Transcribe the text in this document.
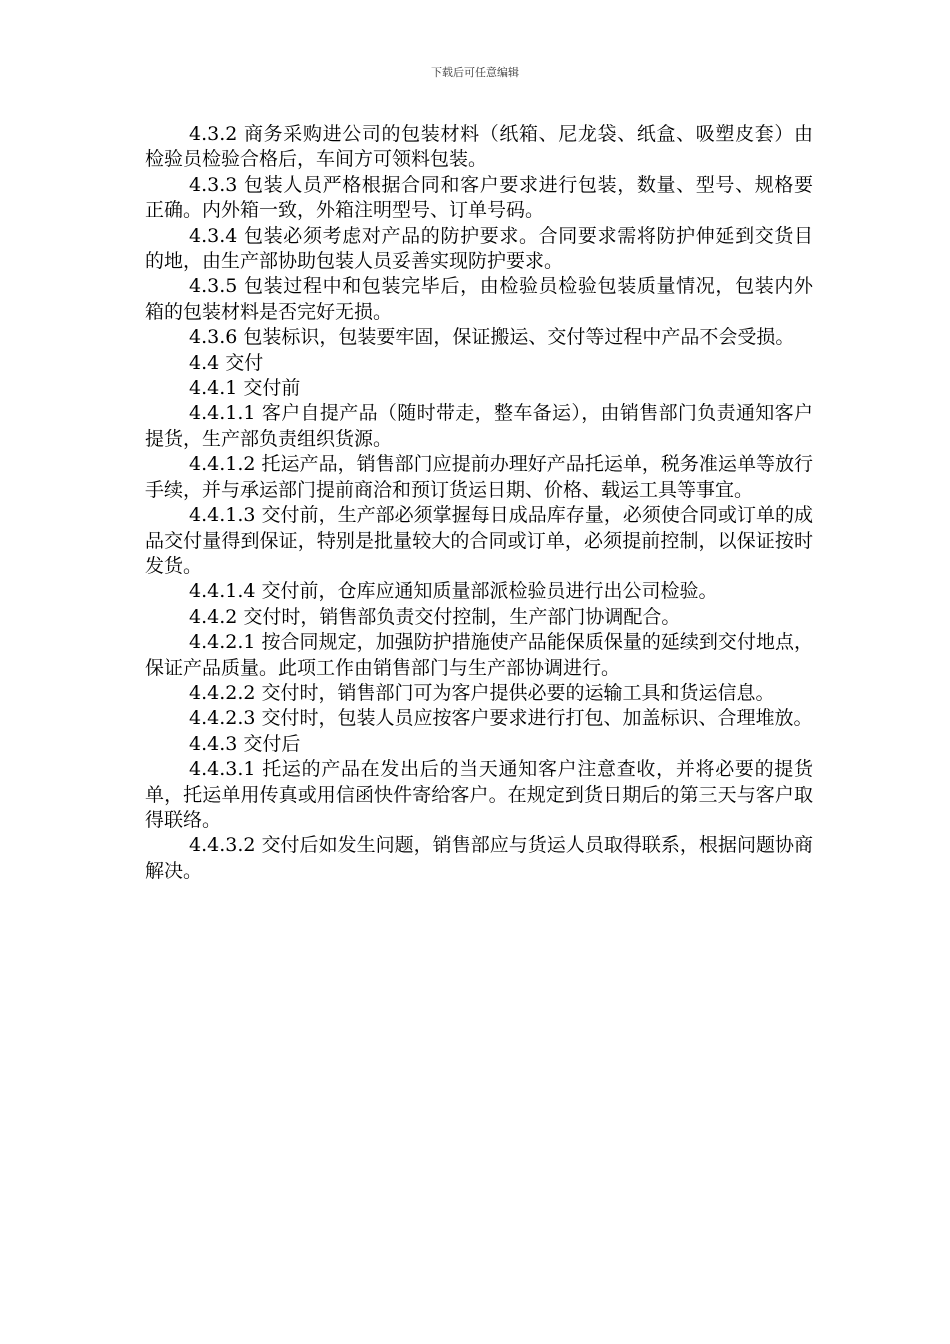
下载后可任意编辑

4.3.2 商务采购进公司的包装材料（纸箱、尼龙袋、纸盒、吸塑皮套）由检验员检验合格后，车间方可领料包装。

4.3.3 包装人员严格根据合同和客户要求进行包装，数量、型号、规格要正确。内外箱一致，外箱注明型号、订单号码。

4.3.4 包装必须考虑对产品的防护要求。合同要求需将防护伸延到交货目的地，由生产部协助包装人员妥善实现防护要求。

4.3.5 包装过程中和包装完毕后，由检验员检验包装质量情况，包装内外箱的包装材料是否完好无损。

4.3.6 包装标识，包装要牢固，保证搬运、交付等过程中产品不会受损。

4.4 交付

4.4.1 交付前

4.4.1.1 客户自提产品（随时带走，整车备运），由销售部门负责通知客户提货，生产部负责组织货源。

4.4.1.2 托运产品，销售部门应提前办理好产品托运单，税务准运单等放行手续，并与承运部门提前商洽和预订货运日期、价格、载运工具等事宜。

4.4.1.3 交付前，生产部必须掌握每日成品库存量，必须使合同或订单的成品交付量得到保证，特别是批量较大的合同或订单，必须提前控制，以保证按时发货。

4.4.1.4 交付前，仓库应通知质量部派检验员进行出公司检验。

4.4.2 交付时，销售部负责交付控制，生产部门协调配合。

4.4.2.1 按合同规定，加强防护措施使产品能保质保量的延续到交付地点，保证产品质量。此项工作由销售部门与生产部协调进行。

4.4.2.2 交付时，销售部门可为客户提供必要的运输工具和货运信息。

4.4.2.3 交付时，包装人员应按客户要求进行打包、加盖标识、合理堆放。

4.4.3 交付后

4.4.3.1 托运的产品在发出后的当天通知客户注意查收，并将必要的提货单，托运单用传真或用信函快件寄给客户。在规定到货日期后的第三天与客户取得联络。

4.4.3.2 交付后如发生问题，销售部应与货运人员取得联系，根据问题协商解决。
